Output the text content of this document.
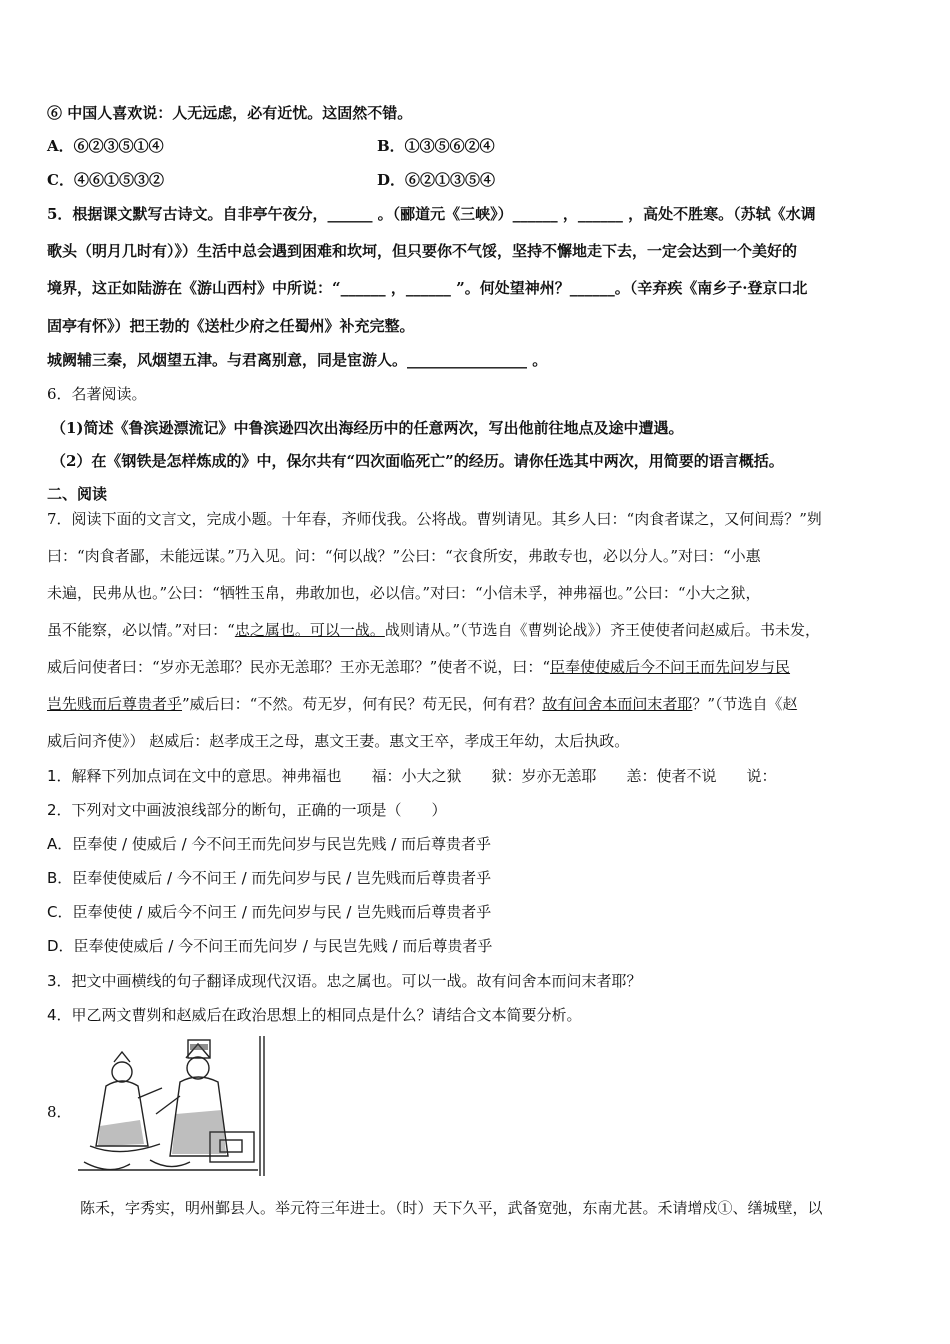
⑥ 中国人喜欢说：人无远虑，必有近忧。这固然不错。
A．⑥②③⑤①④	B．①③⑤⑥②④
C．④⑥①⑤③②	D．⑥②①③⑤④
5．根据课文默写古诗文。自非亭午夜分，______ 。（郦道元《三峡》）______ ，______ ，高处不胜寒。（苏轼《水调
歌头（明月几时有）》）生活中总会遇到困难和坎坷，但只要你不气馁，坚持不懈地走下去，一定会达到一个美好的
境界，这正如陆游在《游山西村》中所说：“______ ，______ ”。何处望神州？______。（辛弃疾《南乡子·登京口北
固亭有怀》）把王勃的《送杜少府之任蜀州》补充完整。
城阙辅三秦，风烟望五津。与君离别意，同是宦游人。________________ 。
6．名著阅读。
（1)简述《鲁滨逊漂流记》中鲁滨逊四次出海经历中的任意两次，写出他前往地点及途中遭遇。
（2）在《钢铁是怎样炼成的》中，保尔共有“四次面临死亡”的经历。请你任选其中两次，用简要的语言概括。
二、阅读
7．阅读下面的文言文，完成小题。十年春，齐师伐我。公将战。曹刿请见。其乡人曰：“肉食者谋之，又何间焉？”刿
曰：“肉食者鄙，未能远谋。”乃入见。问：“何以战？”公曰：“衣食所安，弗敢专也，必以分人。”对曰：“小惠
未遍，民弗从也。”公曰：“牺牲玉帛，弗敢加也，必以信。”对曰：“小信未孚，神弗福也。”公曰：“小大之狱，
虽不能察，必以情。”对曰：“忠之属也。可以一战。战则请从。”（节选自《曹刿论战》）齐王使使者问赵威后。书未发，
威后问使者曰：“岁亦无恙耶？民亦无恙耶？王亦无恙耶？”使者不说，曰：“臣奉使使威后今不问王而先问岁与民
岂先贱而后尊贵者乎”威后曰：“不然。苟无岁，何有民？苟无民，何有君？故有问舍本而问末者耶？”（节选自《赵
威后问齐使》） 赵威后：赵孝成王之母，惠文王妻。惠文王卒，孝成王年幼，太后执政。
1．解释下列加点词在文中的意思。神弗福也　　福：小大之狱　　狱：岁亦无恙耶　　恙：使者不说　　说：
2．下列对文中画波浪线部分的断句，正确的一项是（　　）
A．臣奉使 / 使威后 / 今不问王而先问岁与民岂先贱 / 而后尊贵者乎
B．臣奉使使威后 / 今不问王 / 而先问岁与民 / 岂先贱而后尊贵者乎
C．臣奉使使 / 威后今不问王 / 而先问岁与民 / 岂先贱而后尊贵者乎
D．臣奉使使威后 / 今不问王而先问岁 / 与民岂先贱 / 而后尊贵者乎
3．把文中画横线的句子翻译成现代汉语。忠之属也。可以一战。故有问舍本而问末者耶？
4．甲乙两文曹刿和赵威后在政治思想上的相同点是什么？请结合文本简要分析。
8．
陈禾，字秀实，明州鄞县人。举元符三年进士。（时）天下久平，武备宽弛，东南尤甚。禾请增戍①、缮城壁，以
